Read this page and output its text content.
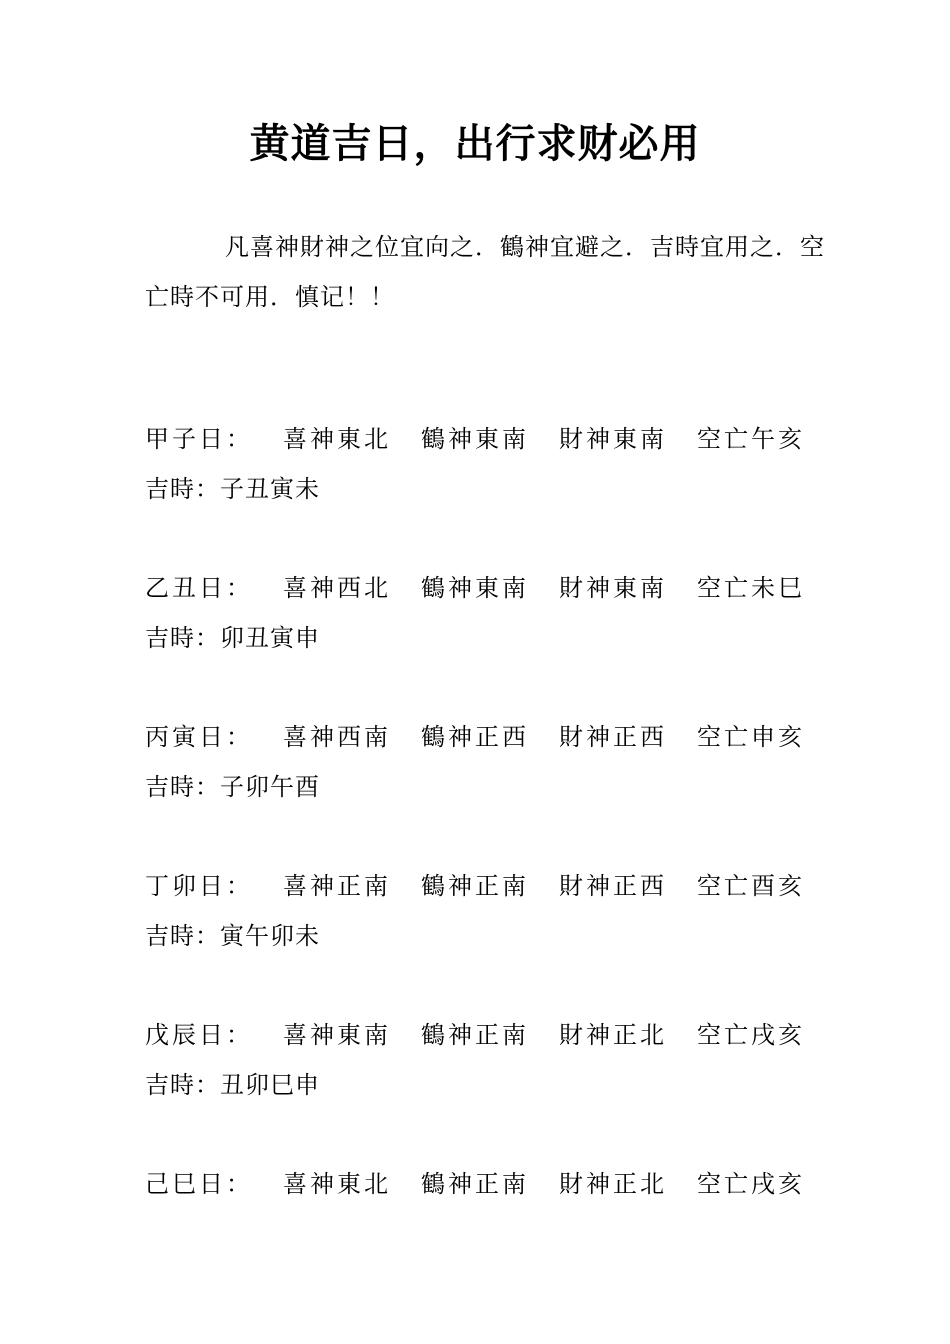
黄道吉日，出行求财必用
凡喜神財神之位宜向之．鶴神宜避之．吉時宜用之．空亡時不可用．慎记！！
甲子日：	喜神東北	鶴神東南	財神東南	空亡午亥
吉時：子丑寅未
乙丑日：	喜神西北	鶴神東南	財神東南	空亡未巳
吉時：卯丑寅申
丙寅日：	喜神西南	鶴神正西	財神正西	空亡申亥
吉時：子卯午酉
丁卯日：	喜神正南	鶴神正南	財神正西	空亡酉亥
吉時：寅午卯未
戊辰日：	喜神東南	鶴神正南	財神正北	空亡戌亥
吉時：丑卯巳申
己巳日：	喜神東北	鶴神正南	財神正北	空亡戌亥
